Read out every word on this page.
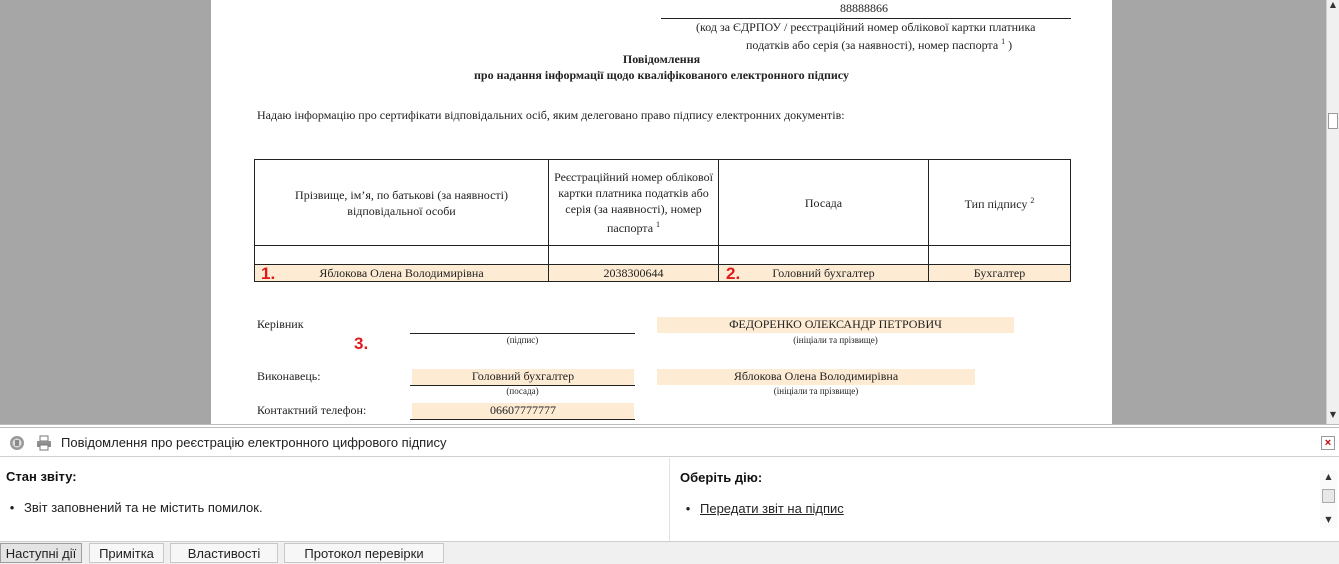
88888866
(код за ЄДРПОУ / реєстраційний номер облікової картки платника
податків або серія (за наявності), номер паспорта $^1$ )
Повідомлення
про надання інформації щодо кваліфікованого електронного підпису
Надаю інформацію про сертифікати відповідальних осіб, яким делеговано право підпису електронних документів:
Прізвище, ім’я, по батькові (за наявності) відповідальної особи	Реєстраційний номер облікової картки платника податків або серія (за наявності), номер паспорта $^1$	Посада	Тип підпису $^2$

Яблокова Олена Володимирівна	2038300644	Головний бухгалтер	Бухгалтер
1.	2.
3.
Керівник
(підпис)
ФЕДОРЕНКО ОЛЕКСАНДР ПЕТРОВИЧ
(ініціали та прізвище)
Виконавець:	Головний бухгалтер
(посада)
Яблокова Олена Володимирівна
(ініціали та прізвище)
Контактний телефон:	06607777777
▲
▼
Повідомлення про реєстрацію електронного цифрового підпису	×
Стан звіту:
• Звіт заповнений та не містить помилок.
Оберіть дію:
• Передати звіт на підпис
▲
▼
Наступні дії	Примітка	Властивості	Протокол перевірки
